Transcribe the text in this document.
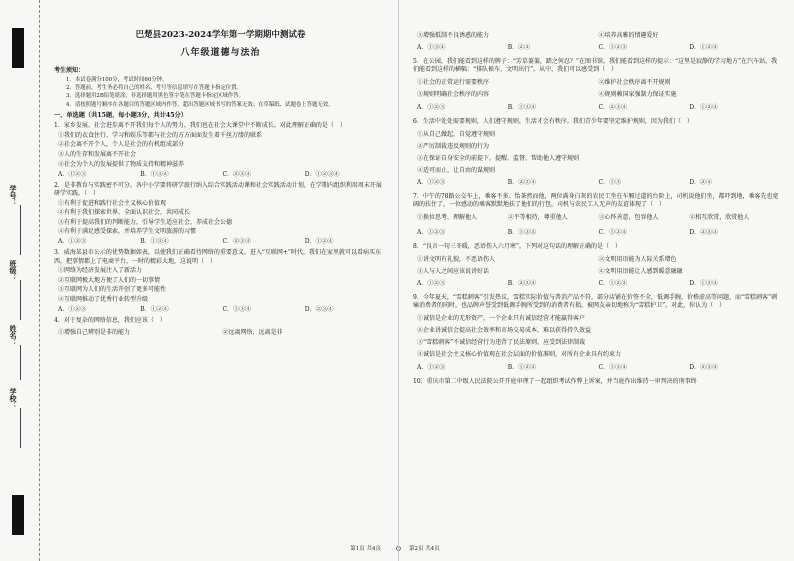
学号：
班级：
姓名：
学校：
巴楚县2023-2024学年第一学期期中测试卷
八年级道德与法治
考生须知：
1．本试卷满分100分，考试时间60分钟。
2．答题前，考生务必将自己的姓名、考号等信息填写在答题卡指定位置。
3．选择题用2B铅笔填涂，非选择题用黑色签字笔在答题卡指定区域作答。
4．请按照题号顺序在各题目的答题区域内作答，超出答题区域书写的答案无效；在草稿纸、试题卷上答题无效。
一、单选题（共15题，每小题3分，共计45分）
1．家乡发展、社会进步离不开我们每个人的努力。我们也在社会大课堂中不断成长。对此理解正确的是（　）
①我们的衣食住行、学习和娱乐等都与社会的方方面面发生着千丝万缕的联系
②社会离不开个人，个人是社会的有机组成部分
③人的生存和发展离不开社会
④社会为个人的发展提供了物质支持和精神滋养
A．①②③	B．①③④	C．②③④	D．①②③④
2．是非教育与实践密不可分。各中小学要将研学旅行纳入综合实践活动课和社会实践活动计划，在学期内组织利用周末开展研学实践。（　）
①有利于促进和践行社会主义核心价值观
②有利于我们探索世界，全面认识社会，共同成长
③有利于提高我们的判断能力，引导学生适应社会，养成社会公德
④有利于满足感受探索，并培养学生文明旅游的习惯
A．①②③	B．①③④	C．②③④	D．①②④
3．威海某县市公示的优势数据如表，以使我们正确看待网络的重要意义。进入“互联网+”时代，我们在家里就可以看病买东西，把事情都上了电商平台，一时的精彩大地，这说明（　）
①网络为经济发展注入了新活力
②互联网极大地方便了人们的一切事情
③互联网为人们的生活开创了更多可能性
④互联网推动了优秀行业转型升级
A．①②③	B．①②④	C．①③④	D．②③④
4．对于复杂的网络信息，我们应该（　）
①增强自己辨别是非的能力	②远离网络，远离是非
第1页 共4页	O
③增强抵制不良诱惑的能力	④培养高雅的情趣爱好
A．①③④	B．②④	C．①②③	D．①②④
5．在公园，我们能看到这样的牌子：“芳草萋萋，踏之何忍？”在图书馆，我们能看到这样的提示：“这里是寂静的学习地方”在汽车站，我们能看到这样的横幅：“排队候车，文明出行”。从中，我们可以感受到（　）
①社会的正常运行需要秩序	②维护社会秩序离不开规则
③规则明确社会秩序的内容	④规则赖国家强制力保证实施
A．①②③	B．①③④	C．②③④	D．①②④
6．生活中处处需要规则，人们遵守规则，生活才会有秩序。我们青少年要坚定维护规则，因为我们（　）
①从自己做起，自觉遵守规则
②严厉制裁违反规则的行为
③在保证自身安全的前提下，提醒、监督、帮助他人遵守规则
④适可而止，让自由的谋规则
A．①②③	B．②③④	C．①③	D．②④
7．中午的78路公交车上，乘客不多。怡茶然而他，两位满身白灰的农民工坐在车厢过道的台阶上，司机说他们坐，都吓到地，乘客先也宽阔的扶住了，一位感动的乘客默默地扶了他们的行包，司机与农民工人无声的友谊体现了（　）
①换位思考，理解他人	②平等相待，尊重他人	③心怀善意，包容他人	④相互欣赏，欣赏他人
A．①②③	B．①③④	C．①②④	D．②③④
8．“良言一句三冬暖，恶语伤人六月寒”。下列对这句话的理解正确的是（　）
①讲文明有礼貌，不恶语伤人	②文明用语能为人际关系增色
③人与人之间应该说讲好话	④文明用语能让人感到暖意融融
A．①②③	B．②③④	C．①②④	D．①③④
9．今年夏天，“雪糕刺客”引发热议，雪糕实际价值与普消产品不符，部分店铺在价签不全，低调手腕，价格虚高等问题，而“雪糕刺客”刺痛消费者的同时，也品牌声誉受到低调手腕所受到的消费者有损，被网友亲切地称为“雪糕护卫”。对此，你认为（　）
①诚信是企业的无形资产，一个企业只有诚信经营才能赢得客户
②企业讲诚信会提高社会效率和市场交易成本，难以获得持久效益
③“雪糕刺客”不诚信经营行为违背了民法原则，应受到法律制裁
④诚信是社会主义核心价值观在社会层面的价值准则，对所有企业具有约束力
A．①②③	B．①②④	C．①③④	D．②③④
10．重庆市第二中级人民法院公开开庭审理了一起组织考试作弊上诉案，并当庭作出维持一审判决的刑事终
第2页 共4页
